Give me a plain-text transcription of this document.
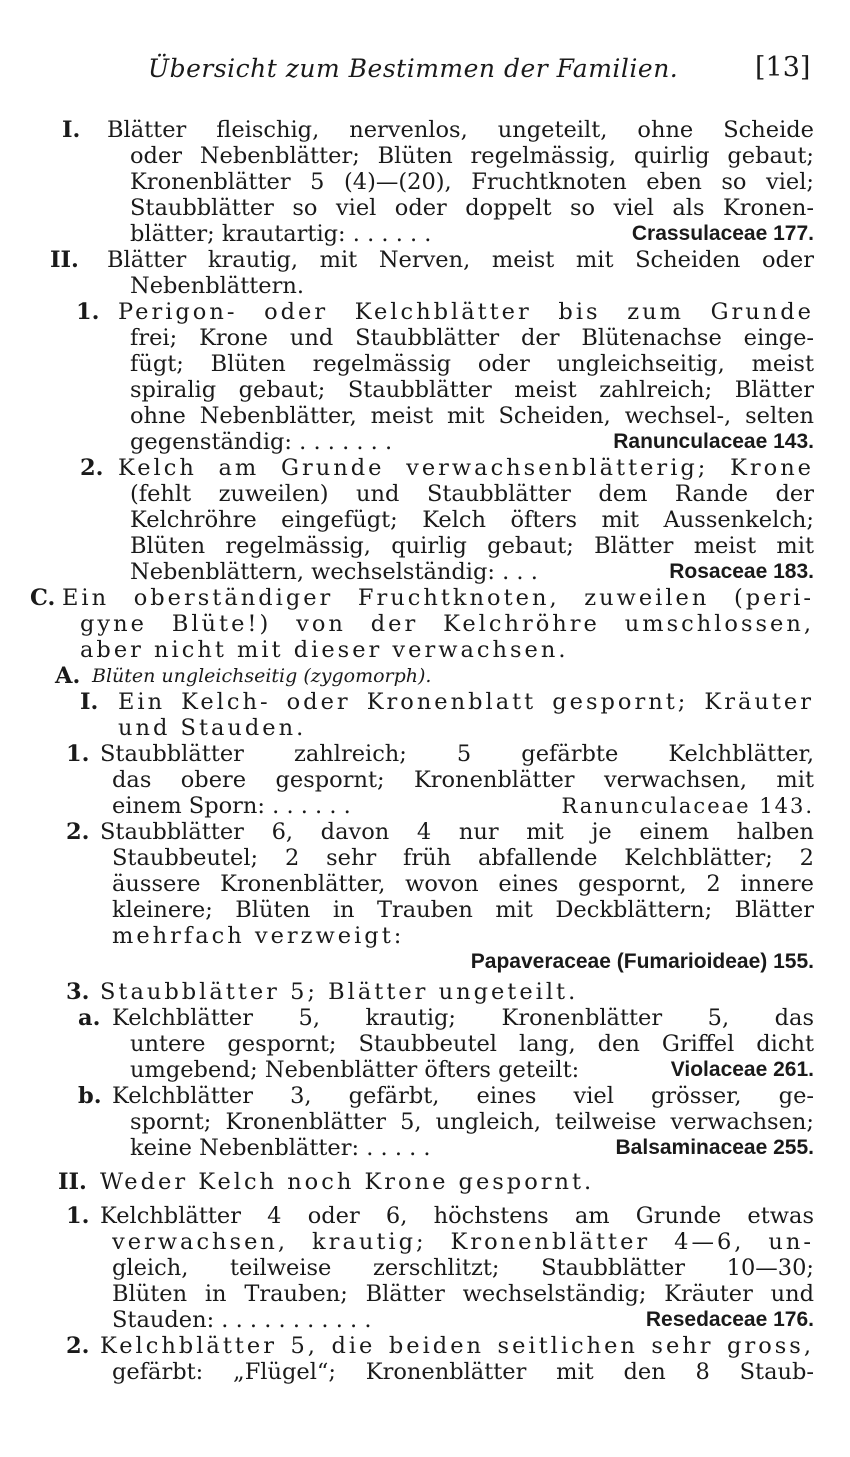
Übersicht zum Bestimmen der Familien.	[13]
I. Blätter fleischig, nervenlos, ungeteilt, ohne Scheide
oder Nebenblätter; Blüten regelmässig, quirlig gebaut;
Kronenblätter 5 (4)—(20), Fruchtknoten eben so viel;
Staubblätter so viel oder doppelt so viel als Kronen-
blätter; krautartig: . . . . . .	Crassulaceae 177.
II. Blätter krautig, mit Nerven, meist mit Scheiden oder
Nebenblättern.
1. Perigon- oder Kelchblätter bis zum Grunde
frei; Krone und Staubblätter der Blütenachse einge-
fügt; Blüten regelmässig oder ungleichseitig, meist
spiralig gebaut; Staubblätter meist zahlreich; Blätter
ohne Nebenblätter, meist mit Scheiden, wechsel-, selten
gegenständig: . . . . . . .	Ranunculaceae 143.
2. Kelch am Grunde verwachsenblätterig; Krone
(fehlt zuweilen) und Staubblätter dem Rande der
Kelchröhre eingefügt; Kelch öfters mit Aussenkelch;
Blüten regelmässig, quirlig gebaut; Blätter meist mit
Nebenblättern, wechselständig: . . .	Rosaceae 183.
C. Ein oberständiger Fruchtknoten, zuweilen (peri-
gyne Blüte!) von der Kelchröhre umschlossen,
aber nicht mit dieser verwachsen.
A. Blüten ungleichseitig (zygomorph).
I. Ein Kelch- oder Kronenblatt gespornt; Kräuter
und Stauden.
1. Staubblätter zahlreich; 5 gefärbte Kelchblätter,
das obere gespornt; Kronenblätter verwachsen, mit
einem Sporn: . . . . . .	Ranunculaceae 143.
2. Staubblätter 6, davon 4 nur mit je einem halben
Staubbeutel; 2 sehr früh abfallende Kelchblätter; 2
äussere Kronenblätter, wovon eines gespornt, 2 innere
kleinere; Blüten in Trauben mit Deckblättern; Blätter
mehrfach verzweigt:
Papaveraceae (Fumarioideae) 155.
3. Staubblätter 5; Blätter ungeteilt.
a. Kelchblätter 5, krautig; Kronenblätter 5, das
untere gespornt; Staubbeutel lang, den Griffel dicht
umgebend; Nebenblätter öfters geteilt:	Violaceae 261.
b. Kelchblätter 3, gefärbt, eines viel grösser, ge-
spornt; Kronenblätter 5, ungleich, teilweise verwachsen;
keine Nebenblätter: . . . . .	Balsaminaceae 255.
II. Weder Kelch noch Krone gespornt.
1. Kelchblätter 4 oder 6, höchstens am Grunde etwas
verwachsen, krautig; Kronenblätter 4—6, un-
gleich, teilweise zerschlitzt; Staubblätter 10—30;
Blüten in Trauben; Blätter wechselständig; Kräuter und
Stauden: . . . . . . . . . . .	Resedaceae 176.
2. Kelchblätter 5, die beiden seitlichen sehr gross,
gefärbt: „Flügel“; Kronenblätter mit den 8 Staub-
